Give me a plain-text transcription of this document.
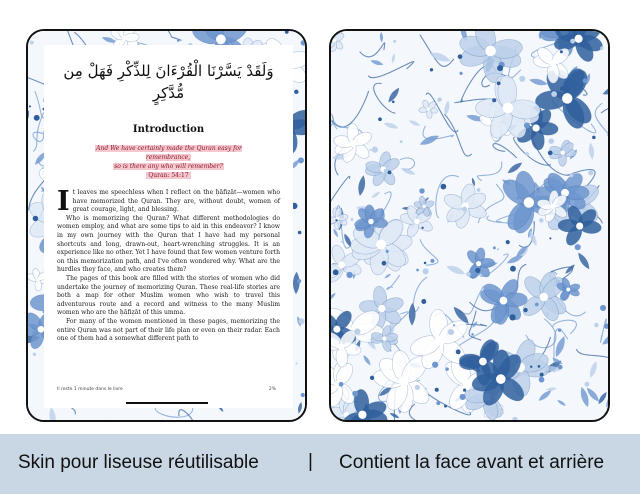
وَلَقَدْ يَسَّرْنَا الْقُرْءَانَ لِلذِّكْرِ فَهَلْ مِن مُّدَّكِرٍ
Introduction
And We have certainly made the Quran easy for remembrance,
so is there any who will remember?
Quran: 54:17

It leaves me speechless when I reflect on the ḥāfiẓāt—women who have memorized the Quran. They are, without doubt, women of great courage, light, and blessing.

Who is memorizing the Quran? What different methodologies do women employ, and what are some tips to aid in this endeavor? I know in my own journey with the Quran that I have had my personal shortcuts and long, drawn-out, heart-wrenching struggles. It is an experience like no other. Yet I have found that few women venture forth on this memorization path, and I've often wondered why. What are the hurdles they face, and who creates them?

The pages of this book are filled with the stories of women who did undertake the journey of memorizing Quran. These real-life stories are both a map for other Muslim women who wish to travel this adventurous route and a record and witness to the many Muslim women who are the ḥāfiẓāt of this umma.

For many of the women mentioned in these pages, memorizing the entire Quran was not part of their life plan or even on their radar. Each one of them had a somewhat different path to

Il reste 1 minute dans le livre	2%
Skin pour liseuse réutilisable	| Contient la face avant et arrière
